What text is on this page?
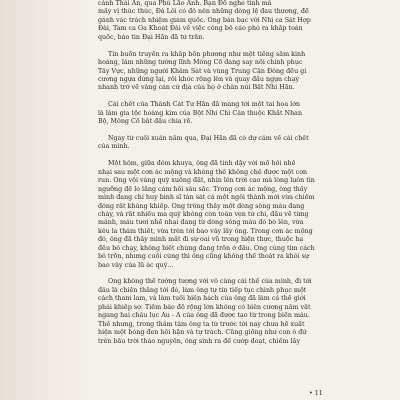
cảnh Thái An, qua Phù Lão Ánh. Bạn Ðỗ nghe tinh mà
mấy vị thúc thúc, Ðà Lôi có đô nên những dòng lệ đau thương, để
gánh vác trách nhiệm giám quốc. Ông bàn bạc với Nhị ca Sát Hợp
Ðài, Tam ca Oa Khoát Ðài về việc công bố cáo phó ra khắp toàn
quốc, báo tin Ðại Hãn đã từ trần.
Tin buồn truyền ra khắp bốn phương như một tiếng sấm kinh
hoàng, làm những tướng lĩnh Mông Cổ đang say nồi chinh phục
Tây Vực, những người Khâm Sát và vùng Trung Cận Ðông đều gi
cương ngựa dừng lại, rồi khóc rống lên và quay đầu ngựa chạy
nhanh trở về vàng cán cứ địa của họ ở chân núi Bất Nhi Hãn.
Cái chết của Thành Cát Tư Hãn đã mang tới một tai họa lớn
là làm gia tộc hoàng kim của Bột Nhi Chỉ Cân thuộc Khất Nhan
Bộ, Mông Cổ bắt đầu chia rẽ.
Ngay từ cuối xuân năm qua, Ðại Hãn đã có dự cảm về cái chết
của mình.
Một hôm, giữa đêm khuya, ông đã tỉnh dậy với mồ hôi nhễ
nhại sau một cơn ác mộng và không thể khống chế được một cơn
run. Ông vội vàng quỳ xuống đất, nhìn lên trời cao mà lòng luôn tin
ngưỡng để lo lắng cảm hồi sâu sắc. Trong cơn ác mộng, ông thấy
mình đang chỉ huy binh sĩ tàn sát cả một ngôi thành mới vừa chiếm
đóng rất khủng khiếp. Ông trông thấy một dòng sông máu đang
chảy, và rất nhiều ma quỷ không còn toàn vẹn tứ chi, đầu về từng
mảnh, máu tươi nhễ nhại đang từ dòng sông máu đó bò lên, vừa
kêu la thảm thiết, vừa trèn tới bao vây lấy ông. Trong cơn ác mộng
đó, ông đã thấy mình mất đi sự oai vũ trong hiện thực, thuộc hạ
đều bỏ chạy, không biết chúng đang trốn ở đâu. Ông cùng tìm cách
bỏ trốn, nhưng cuối cùng thì ông cũng không thể thoát ra khỏi sự
bao vây của lũ ác quỷ...
Ông không thể tưởng tượng với vô càng cái thể của mình, đi tới
đâu là chiến thắng tới đó, làm ông tự tin tiếp tục chinh phục một
cách tham lam, và làm tuổi biến hách của ông đã làm cả thế giới
phải khiếp sợ. Tiếm bảo đồ rộng lớn không có biên cương nằm vắt
ngang hai châu lục Âu - Á của ông đã được tạo từ trong biển máu.
Thế nhưng, trong thâm tâm ông ta từ trước tới nay chưa hề xuất
hiện một bóng đen hối hận và tự trách. Cũng giống như con ó đứ
trên bầu trời thảo nguyên, ông sinh ra để cướp đoạt, chiếm lấy
• 11
